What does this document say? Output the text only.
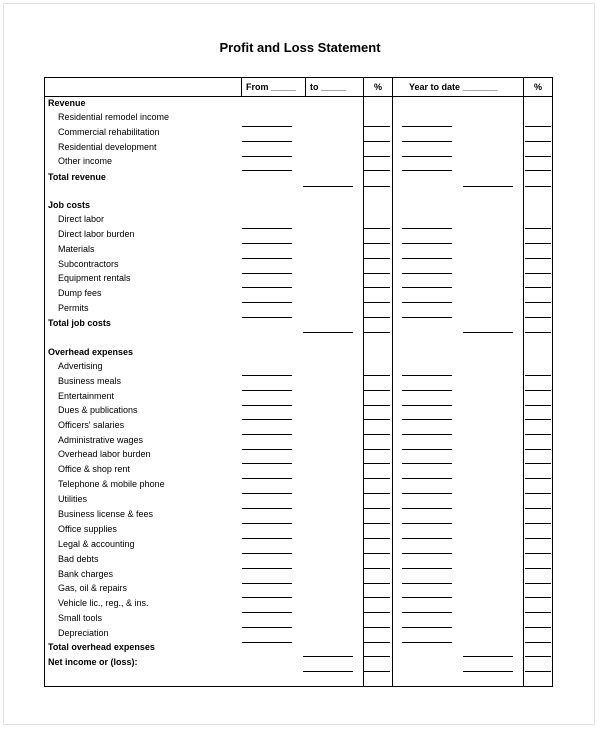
Profit and Loss Statement
From _____ to _____	%	Year to date _______	%
Revenue
Residential remodel income
Commercial rehabilitation
Residential development
Other income
Total revenue
Job costs
Direct labor
Direct labor burden
Materials
Subcontractors
Equipment rentals
Dump fees
Permits
Total job costs
Overhead expenses
Advertising
Business meals
Entertainment
Dues & publications
Officers' salaries
Administrative wages
Overhead labor burden
Office & shop rent
Telephone & mobile phone
Utilities
Business license & fees
Office supplies
Legal & accounting
Bad debts
Bank charges
Gas, oil & repairs
Vehicle lic., reg., & ins.
Small tools
Depreciation
Total overhead expenses
Net income or (loss):
